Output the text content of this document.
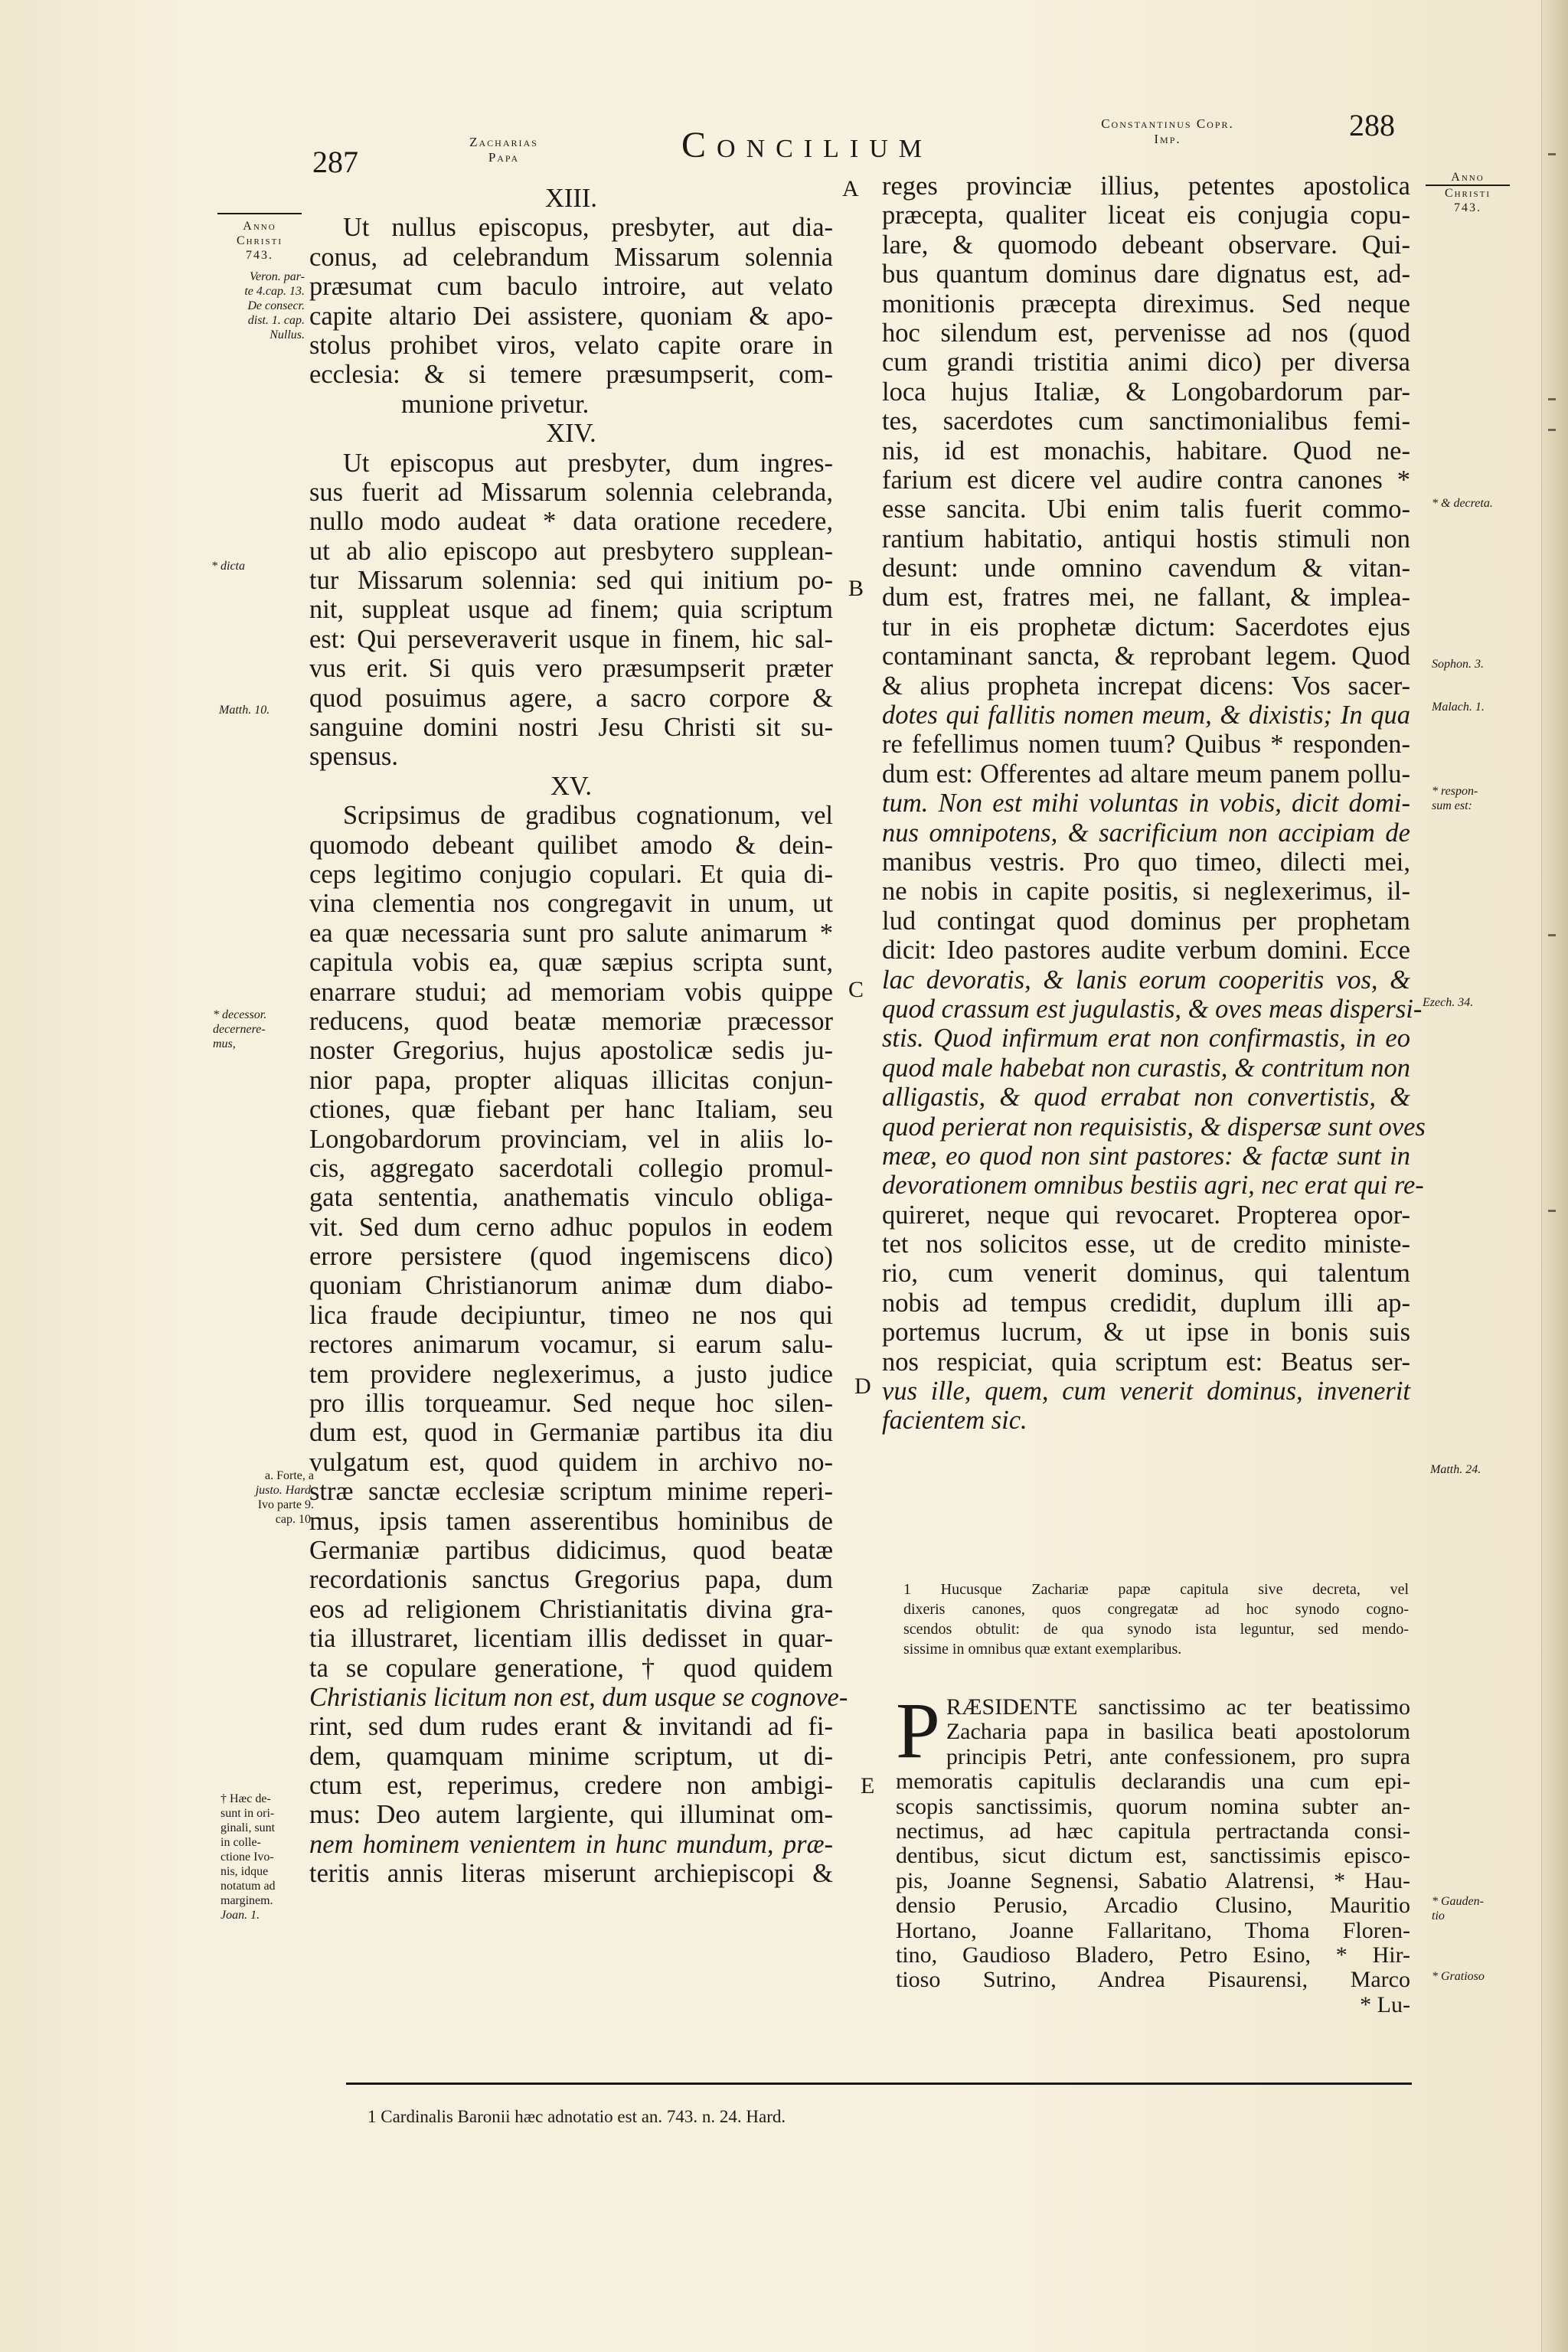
287
Zacharias
Papa	Concilium
Constantinus Copr.
Imp.	288
Anno
Christi
743.
Veron. par-
te 4.cap. 13.
De consecr.
dist. 1. cap.
Nullus.
* dicta
Matth. 10.
* decessor.
decernere-
mus,
a. Forte, a
justo. Hard.
Ivo parte 9.
cap. 10.
† Hæc de-
sunt in ori-
ginali, sunt
in colle-
ctione Ivo-
nis, idque
notatum ad
marginem.
Joan. 1.
A
B
C
D
E
XIII.
Ut nullus episcopus, presbyter, aut dia-
conus, ad celebrandum Missarum solennia
præsumat cum baculo introire, aut velato
capite altario Dei assistere, quoniam & apo-
stolus prohibet viros, velato capite orare in
ecclesia: & si temere præsumpserit, com-
munione privetur.
XIV.
Ut episcopus aut presbyter, dum ingres-
sus fuerit ad Missarum solennia celebranda,
nullo modo audeat * data oratione recedere,
ut ab alio episcopo aut presbytero supplean-
tur Missarum solennia: sed qui initium po-
nit, suppleat usque ad finem; quia scriptum
est: Qui perseveraverit usque in finem, hic sal-
vus erit. Si quis vero præsumpserit præter
quod posuimus agere, a sacro corpore &
sanguine domini nostri Jesu Christi sit su-
spensus.
XV.
Scripsimus de gradibus cognationum, vel
quomodo debeant quilibet amodo & dein-
ceps legitimo conjugio copulari. Et quia di-
vina clementia nos congregavit in unum, ut
ea quæ necessaria sunt pro salute animarum *
capitula vobis ea, quæ sæpius scripta sunt,
enarrare studui; ad memoriam vobis quippe
reducens, quod beatæ memoriæ præcessor
noster Gregorius, hujus apostolicæ sedis ju-
nior papa, propter aliquas illicitas conjun-
ctiones, quæ fiebant per hanc Italiam, seu
Longobardorum provinciam, vel in aliis lo-
cis, aggregato sacerdotali collegio promul-
gata sententia, anathematis vinculo obliga-
vit. Sed dum cerno adhuc populos in eodem
errore persistere (quod ingemiscens dico)
quoniam Christianorum animæ dum diabo-
lica fraude decipiuntur, timeo ne nos qui
rectores animarum vocamur, si earum salu-
tem providere neglexerimus, a justo judice
pro illis torqueamur. Sed neque hoc silen-
dum est, quod in Germaniæ partibus ita diu
vulgatum est, quod quidem in archivo no-
stræ sanctæ ecclesiæ scriptum minime reperi-
mus, ipsis tamen asserentibus hominibus de
Germaniæ partibus didicimus, quod beatæ
recordationis sanctus Gregorius papa, dum
eos ad religionem Christianitatis divina gra-
tia illustraret, licentiam illis dedisset in quar-
ta se copulare generatione, † quod quidem
Christianis licitum non est, dum usque se cognove-
rint, sed dum rudes erant & invitandi ad fi-
dem, quamquam minime scriptum, ut di-
ctum est, reperimus, credere non ambigi-
mus: Deo autem largiente, qui illuminat om-
nem hominem venientem in hunc mundum, præ-
teritis annis literas miserunt archiepiscopi &
reges provinciæ illius, petentes apostolica
præcepta, qualiter liceat eis conjugia copu-
lare, & quomodo debeant observare. Qui-
bus quantum dominus dare dignatus est, ad-
monitionis præcepta direximus. Sed neque
hoc silendum est, pervenisse ad nos (quod
cum grandi tristitia animi dico) per diversa
loca hujus Italiæ, & Longobardorum par-
tes, sacerdotes cum sanctimonialibus femi-
nis, id est monachis, habitare. Quod ne-
farium est dicere vel audire contra canones *
esse sancita. Ubi enim talis fuerit commo-
rantium habitatio, antiqui hostis stimuli non
desunt: unde omnino cavendum & vitan-
dum est, fratres mei, ne fallant, & implea-
tur in eis prophetæ dictum: Sacerdotes ejus
contaminant sancta, & reprobant legem. Quod
& alius propheta increpat dicens: Vos sacer-
dotes qui fallitis nomen meum, & dixistis; In qua
re fefellimus nomen tuum? Quibus * responden-
dum est: Offerentes ad altare meum panem pollu-
tum. Non est mihi voluntas in vobis, dicit domi-
nus omnipotens, & sacrificium non accipiam de
manibus vestris. Pro quo timeo, dilecti mei,
ne nobis in capite positis, si neglexerimus, il-
lud contingat quod dominus per prophetam
dicit: Ideo pastores audite verbum domini. Ecce
lac devoratis, & lanis eorum cooperitis vos, &
quod crassum est jugulastis, & oves meas dispersi-
stis. Quod infirmum erat non confirmastis, in eo
quod male habebat non curastis, & contritum non
alligastis, & quod errabat non convertistis, &
quod perierat non requisistis, & dispersæ sunt oves
meæ, eo quod non sint pastores: & factæ sunt in
devorationem omnibus bestiis agri, nec erat qui re-
quireret, neque qui revocaret. Propterea opor-
tet nos solicitos esse, ut de credito ministe-
rio, cum venerit dominus, qui talentum
nobis ad tempus credidit, duplum illi ap-
portemus lucrum, & ut ipse in bonis suis
nos respiciat, quia scriptum est: Beatus ser-
vus ille, quem, cum venerit dominus, invenerit
facientem sic.
1 Hucusque Zachariæ papæ capitula sive decreta, vel
dixeris canones, quos congregatæ ad hoc synodo cogno-
scendos obtulit: de qua synodo ista leguntur, sed mendo-
sissime in omnibus quæ extant exemplaribus.
P RÆSIDENTE sanctissimo ac ter beatissimo
Zacharia papa in basilica beati apostolorum
principis Petri, ante confessionem, pro supra
memoratis capitulis declarandis una cum epi-
scopis sanctissimis, quorum nomina subter an-
nectimus, ad hæc capitula pertractanda consi-
dentibus, sicut dictum est, sanctissimis episco-
pis, Joanne Segnensi, Sabatio Alatrensi, * Hau-
densio Perusio, Arcadio Clusino, Mauritio
Hortano, Joanne Fallaritano, Thoma Floren-
tino, Gaudioso Bladero, Petro Esino, * Hir-
tioso Sutrino, Andrea Pisaurensi, Marco
* Lu-
Anno
Christi
743.
* & decreta.
Sophon. 3.
Malach. 1.
* respon-
sum est:
Ezech. 34.
Matth. 24.
* Gauden-
tio
* Gratioso
1 Cardinalis Baronii hæc adnotatio est an. 743. n. 24. Hard.
